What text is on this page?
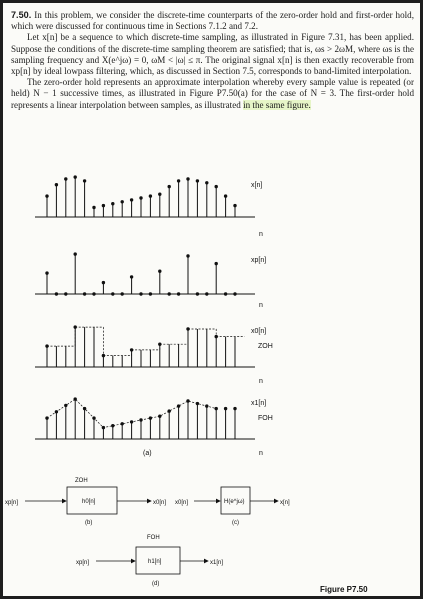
7.50. In this problem, we consider the discrete-time counterparts of the zero-order hold and first-order hold, which were discussed for continuous time in Sections 7.1.2 and 7.2.

Let x[n] be a sequence to which discrete-time sampling, as illustrated in Figure 7.31, has been applied. Suppose the conditions of the discrete-time sampling theorem are satisfied; that is, ωs > 2ωM, where ωs is the sampling frequency and X(e^jω) = 0, ωM < |ω| ≤ π. The original signal x[n] is then exactly recoverable from xp[n] by ideal lowpass filtering, which, as discussed in Section 7.5, corresponds to band-limited interpolation.

The zero-order hold represents an approximate interpolation whereby every sample value is repeated (or held) N − 1 successive times, as illustrated in Figure P7.50(a) for the case of N = 3. The first-order hold represents a linear interpolation between samples, as illustrated in the same figure.

x[n]
xp[n]
x0[n]
ZOH
x1[n]
FOH
n
n
n
n
(a)
ZOH
xp[n]	h0[n]	x0[n]
(b)
x0[n]	H(e^jω)	x[n]
(c)
FOH
xp[n]	h1[n]	x1[n]
(d)
Figure P7.50
